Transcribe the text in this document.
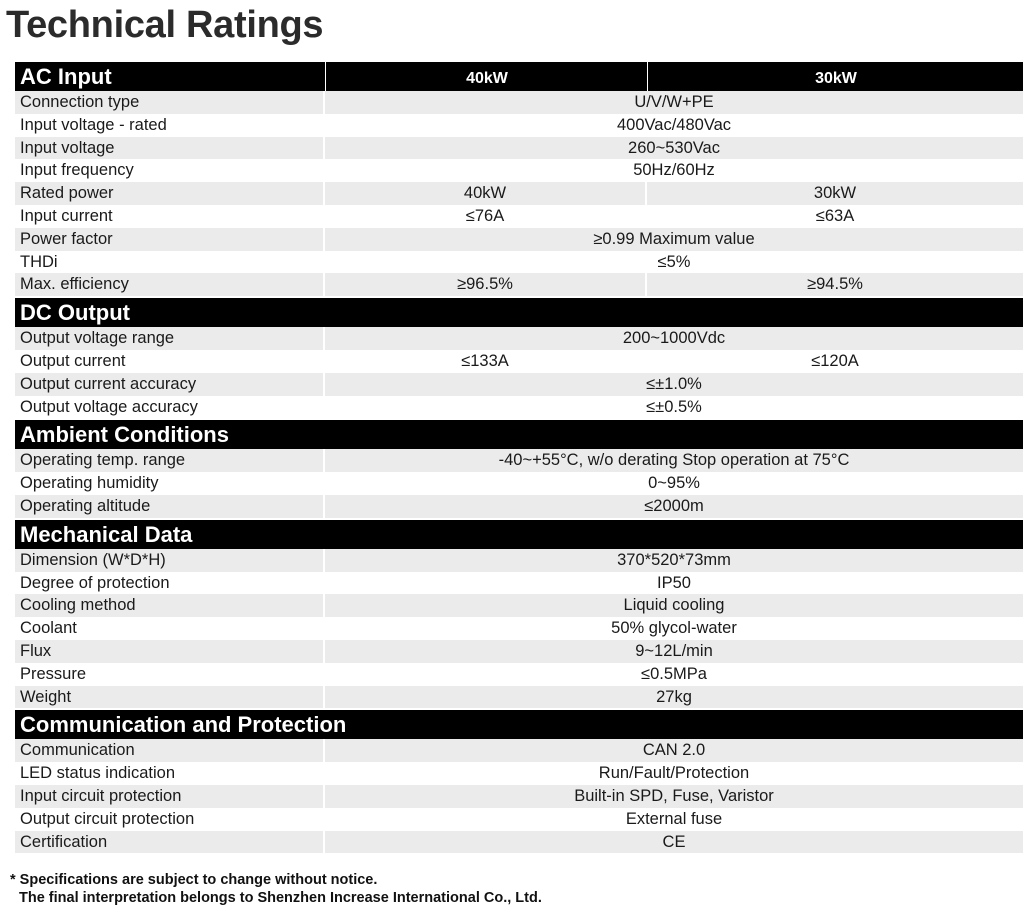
Technical Ratings
AC Input	40kW	30kW
Connection type	U/V/W+PE
Input voltage - rated	400Vac/480Vac
Input voltage	260~530Vac
Input frequency	50Hz/60Hz
Rated power	40kW	30kW
Input current	≤76A	≤63A
Power factor	≥0.99 Maximum value
THDi	≤5%
Max. efficiency	≥96.5%	≥94.5%
DC Output
Output voltage range	200~1000Vdc
Output current	≤133A	≤120A
Output current accuracy	≤±1.0%
Output voltage accuracy	≤±0.5%
Ambient Conditions
Operating temp. range	-40~+55°C, w/o derating Stop operation at 75°C
Operating humidity	0~95%
Operating altitude	≤2000m
Mechanical Data
Dimension (W*D*H)	370*520*73mm
Degree of protection	IP50
Cooling method	Liquid cooling
Coolant	50% glycol-water
Flux	9~12L/min
Pressure	≤0.5MPa
Weight	27kg
Communication and Protection
Communication	CAN 2.0
LED status indication	Run/Fault/Protection
Input circuit protection	Built-in SPD, Fuse, Varistor
Output circuit protection	External fuse
Certification	CE

* Specifications are subject to change without notice.
The final interpretation belongs to Shenzhen Increase International Co., Ltd.
